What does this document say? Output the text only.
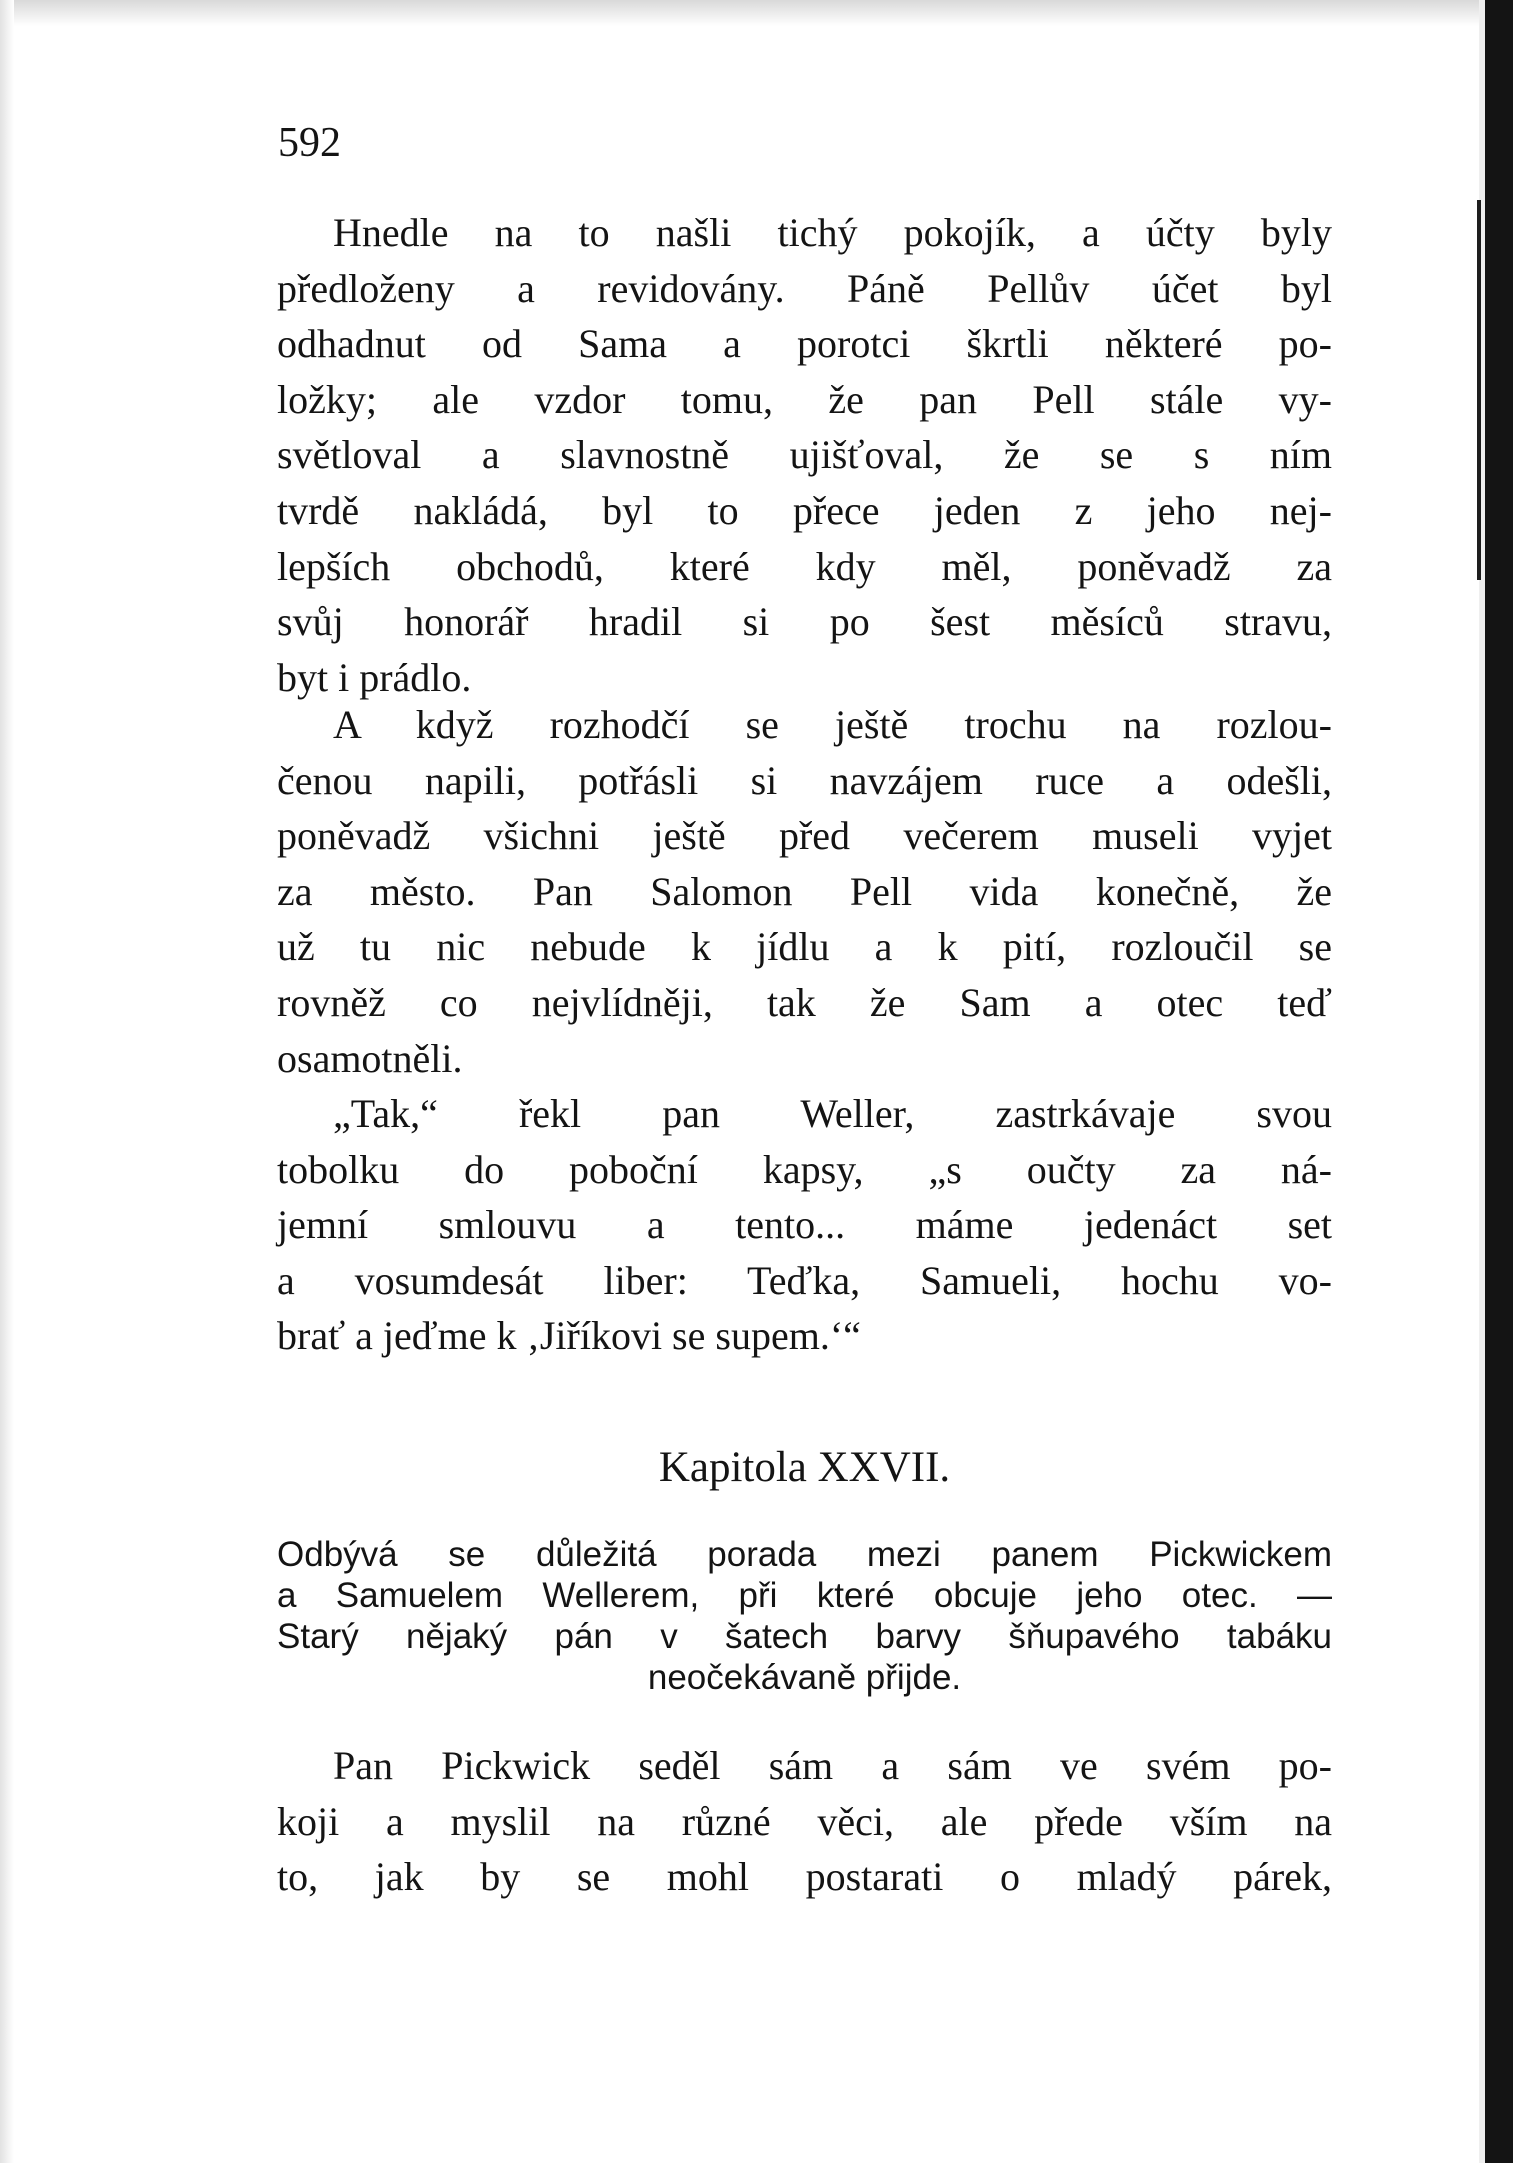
592

Hnedle na to našli tichý pokojík, a účty byly
předloženy a revidovány. Páně Pellův účet byl
odhadnut od Sama a porotci škrtli některé po-
ložky; ale vzdor tomu, že pan Pell stále vy-
světloval a slavnostně ujišťoval, že se s ním
tvrdě nakládá, byl to přece jeden z jeho nej-
lepších obchodů, které kdy měl, poněvadž za
svůj honorář hradil si po šest měsíců stravu,
byt i prádlo.

A když rozhodčí se ještě trochu na rozlou-
čenou napili, potřásli si navzájem ruce a odešli,
poněvadž všichni ještě před večerem museli vyjet
za město. Pan Salomon Pell vida konečně, že
už tu nic nebude k jídlu a k pití, rozloučil se
rovněž co nejvlídněji, tak že Sam a otec teď
osamotněli.

„Tak,“ řekl pan Weller, zastrkávaje svou
tobolku do poboční kapsy, „s oučty za ná-
jemní smlouvu a tento... máme jedenáct set
a vosumdesát liber: Teďka, Samueli, hochu vo-
brať a jeďme k ‚Jiříkovi se supem.‘“

Kapitola XXVII.

Odbývá se důležitá porada mezi panem Pickwickem
a Samuelem Wellerem, při které obcuje jeho otec. —
Starý nějaký pán v šatech barvy šňupavého tabáku
neočekávaně přijde.

Pan Pickwick seděl sám a sám ve svém po-
koji a myslil na různé věci, ale přede vším na
to, jak by se mohl postarati o mladý párek,
